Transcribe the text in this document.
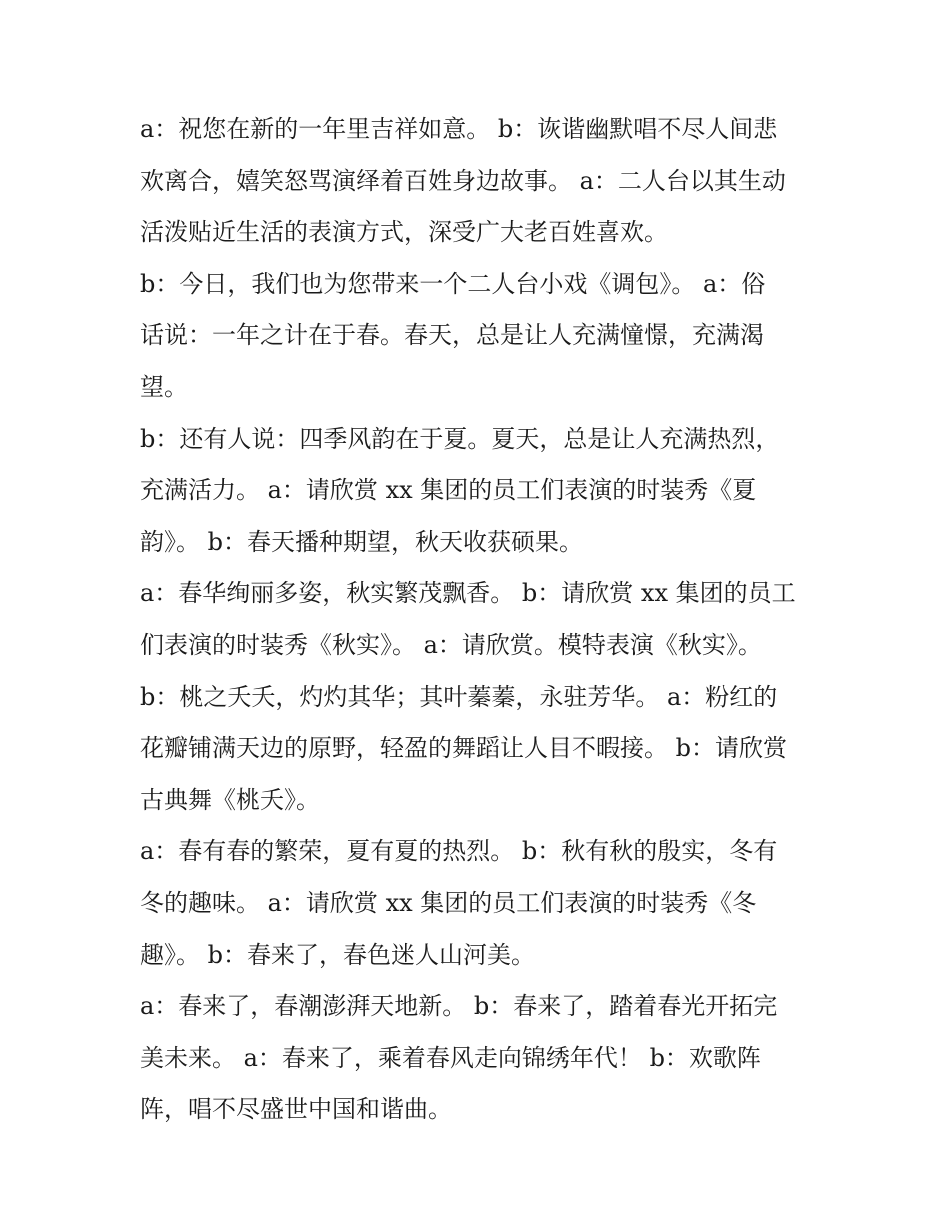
a：祝您在新的一年里吉祥如意。 b：诙谐幽默唱不尽人间悲
欢离合，嬉笑怒骂演绎着百姓身边故事。 a：二人台以其生动
活泼贴近生活的表演方式，深受广大老百姓喜欢。
b：今日，我们也为您带来一个二人台小戏《调包》。 a：俗
话说：一年之计在于春。春天，总是让人充满憧憬，充满渴
望。
b：还有人说：四季风韵在于夏。夏天，总是让人充满热烈，
充满活力。 a：请欣赏 xx 集团的员工们表演的时装秀《夏
韵》。 b：春天播种期望，秋天收获硕果。
a：春华绚丽多姿，秋实繁茂飘香。 b：请欣赏 xx 集团的员工
们表演的时装秀《秋实》。 a：请欣赏。模特表演《秋实》。
b：桃之夭夭，灼灼其华；其叶蓁蓁，永驻芳华。 a：粉红的
花瓣铺满天边的原野，轻盈的舞蹈让人目不暇接。 b：请欣赏
古典舞《桃夭》。
a：春有春的繁荣，夏有夏的热烈。 b：秋有秋的殷实，冬有
冬的趣味。 a：请欣赏 xx 集团的员工们表演的时装秀《冬
趣》。 b：春来了，春色迷人山河美。
a：春来了，春潮澎湃天地新。 b：春来了，踏着春光开拓完
美未来。 a：春来了，乘着春风走向锦绣年代！ b：欢歌阵
阵，唱不尽盛世中国和谐曲。
